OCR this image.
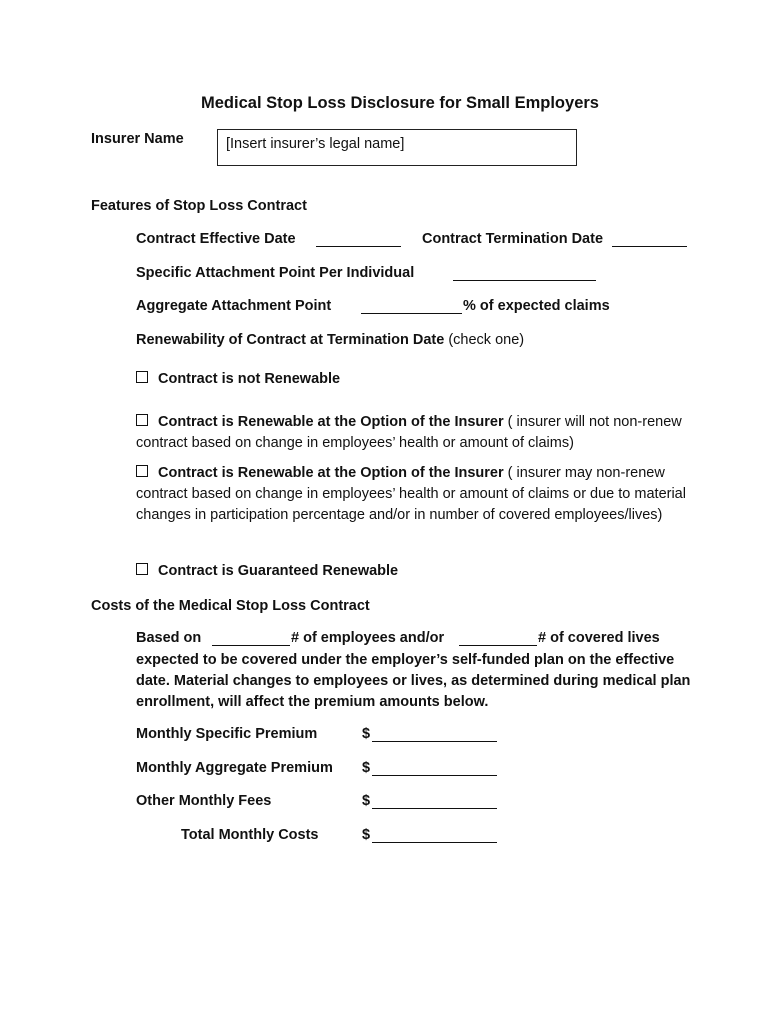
Medical Stop Loss Disclosure for Small Employers
Insurer Name	[Insert insurer’s legal name]
Features of Stop Loss Contract
Contract Effective Date	Contract Termination Date
Specific Attachment Point Per Individual
Aggregate Attachment Point	% of expected claims
Renewability of Contract at Termination Date (check one)
Contract is not Renewable
Contract is Renewable at the Option of the Insurer ( insurer will not non-renew contract based on change in employees’ health or amount of claims)
Contract is Renewable at the Option of the Insurer ( insurer may non-renew contract based on change in employees’ health or amount of claims or due to material changes in participation percentage and/or in number of covered employees/lives)
Contract is Guaranteed Renewable
Costs of the Medical Stop Loss Contract
Based on	# of employees and/or	# of covered lives
expected to be covered under the employer’s self-funded plan on the effective date. Material changes to employees or lives, as determined during medical plan enrollment, will affect the premium amounts below.
Monthly Specific Premium	$
Monthly Aggregate Premium $
Other Monthly Fees	$
Total Monthly Costs	$
